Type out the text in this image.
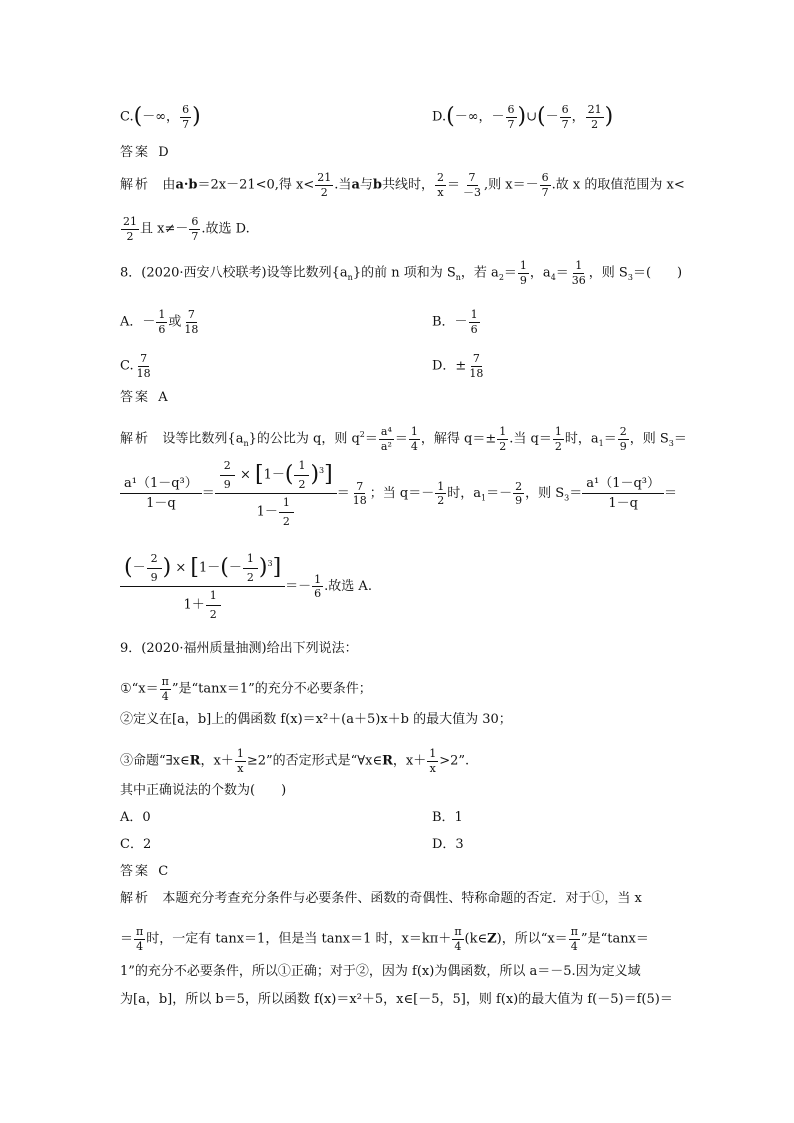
C.(－∞， $\frac{6}{7}$ )	D.(－∞，－ $\frac{6}{7}$ )∪(－ $\frac{6}{7}$ ， $\frac{21}{2}$ )
答案 D
解析 由a·b＝2x－21<0,得 $x< \frac{21}{2}$ .当a与b共线时， $\frac{2}{x} = \frac{7}{-3}$ ,则 $x=- \frac{6}{7}$ .故 x 的取值范围为 x<
$\frac{21}{2}$ 且 $x\ne- \frac{6}{7}$ .故选 D.
8．(2020·西安八校联考)设等比数列$\{a_n\}$的前 n 项和为 $S_n$，若 $a_2= \frac{1}{9}$ ，$a_4= \frac{1}{36}$ ，则 $S_3=$(　　)
A．－ $\frac{1}{6}$ 或 $\frac{7}{18}$	B．－ $\frac{1}{6}$
C. $\frac{7}{18}$	D．± $\frac{7}{18}$
答案 A
解析 设等比数列$\{a_n\}$的公比为 q，则 $q^2= \frac{\text{a⁴}}{\text{a²}} = \frac{1}{4}$ ，解得 $q=\pm \frac{1}{2}$ .当 $q= \frac{1}{2}$ 时，$a_1= \frac{2}{9}$ ，则 $S_3=$
$\frac{\text{a¹（1－q³）}}{1-q} = \frac{\frac{2}{9} \times [1-( \frac{1}{2} )^3]}{1- \frac{1}{2}} = \frac{7}{18}$ ；当 $q=- \frac{1}{2}$ 时，$a_1=- \frac{2}{9}$ ，则 $S_3= \frac{\text{a¹（1－q³）}}{1-q}$ ＝
$\frac{(- \frac{2}{9} ) \times [1-(- \frac{1}{2} )^3]}{1+ \frac{1}{2}} =- \frac{1}{6}$ .故选 A.
9．(2020·福州质量抽测)给出下列说法：
①“x＝ $\frac{\pi}{4}$ ”是“tanx＝1”的充分不必要条件；
②定义在[a，b]上的偶函数 f(x)＝x²＋(a＋5)x＋b 的最大值为 30；
③命题“∃x∈R，$x+ \frac{1}{x} \ge 2$”的否定形式是“∀x∈R，$x+ \frac{1}{x} >2$”.
其中正确说法的个数为(　　)
A．0	B．1
C．2	D．3
答案 C
解析 本题充分考查充分条件与必要条件、函数的奇偶性、特称命题的否定．对于①，当 x
＝ $\frac{\pi}{4}$ 时，一定有 tanx＝1，但是当 tanx＝1 时，$x=k\pi+ \frac{\pi}{4}$ (k∈Z)，所以“$x= \frac{\pi}{4}$ ”是“tanx＝
1”的充分不必要条件，所以①正确；对于②，因为 f(x)为偶函数，所以 a＝－5.因为定义域
为[a，b]，所以 b＝5，所以函数 f(x)＝x²＋5，x∈[－5，5]，则 f(x)的最大值为 f(－5)＝f(5)＝
